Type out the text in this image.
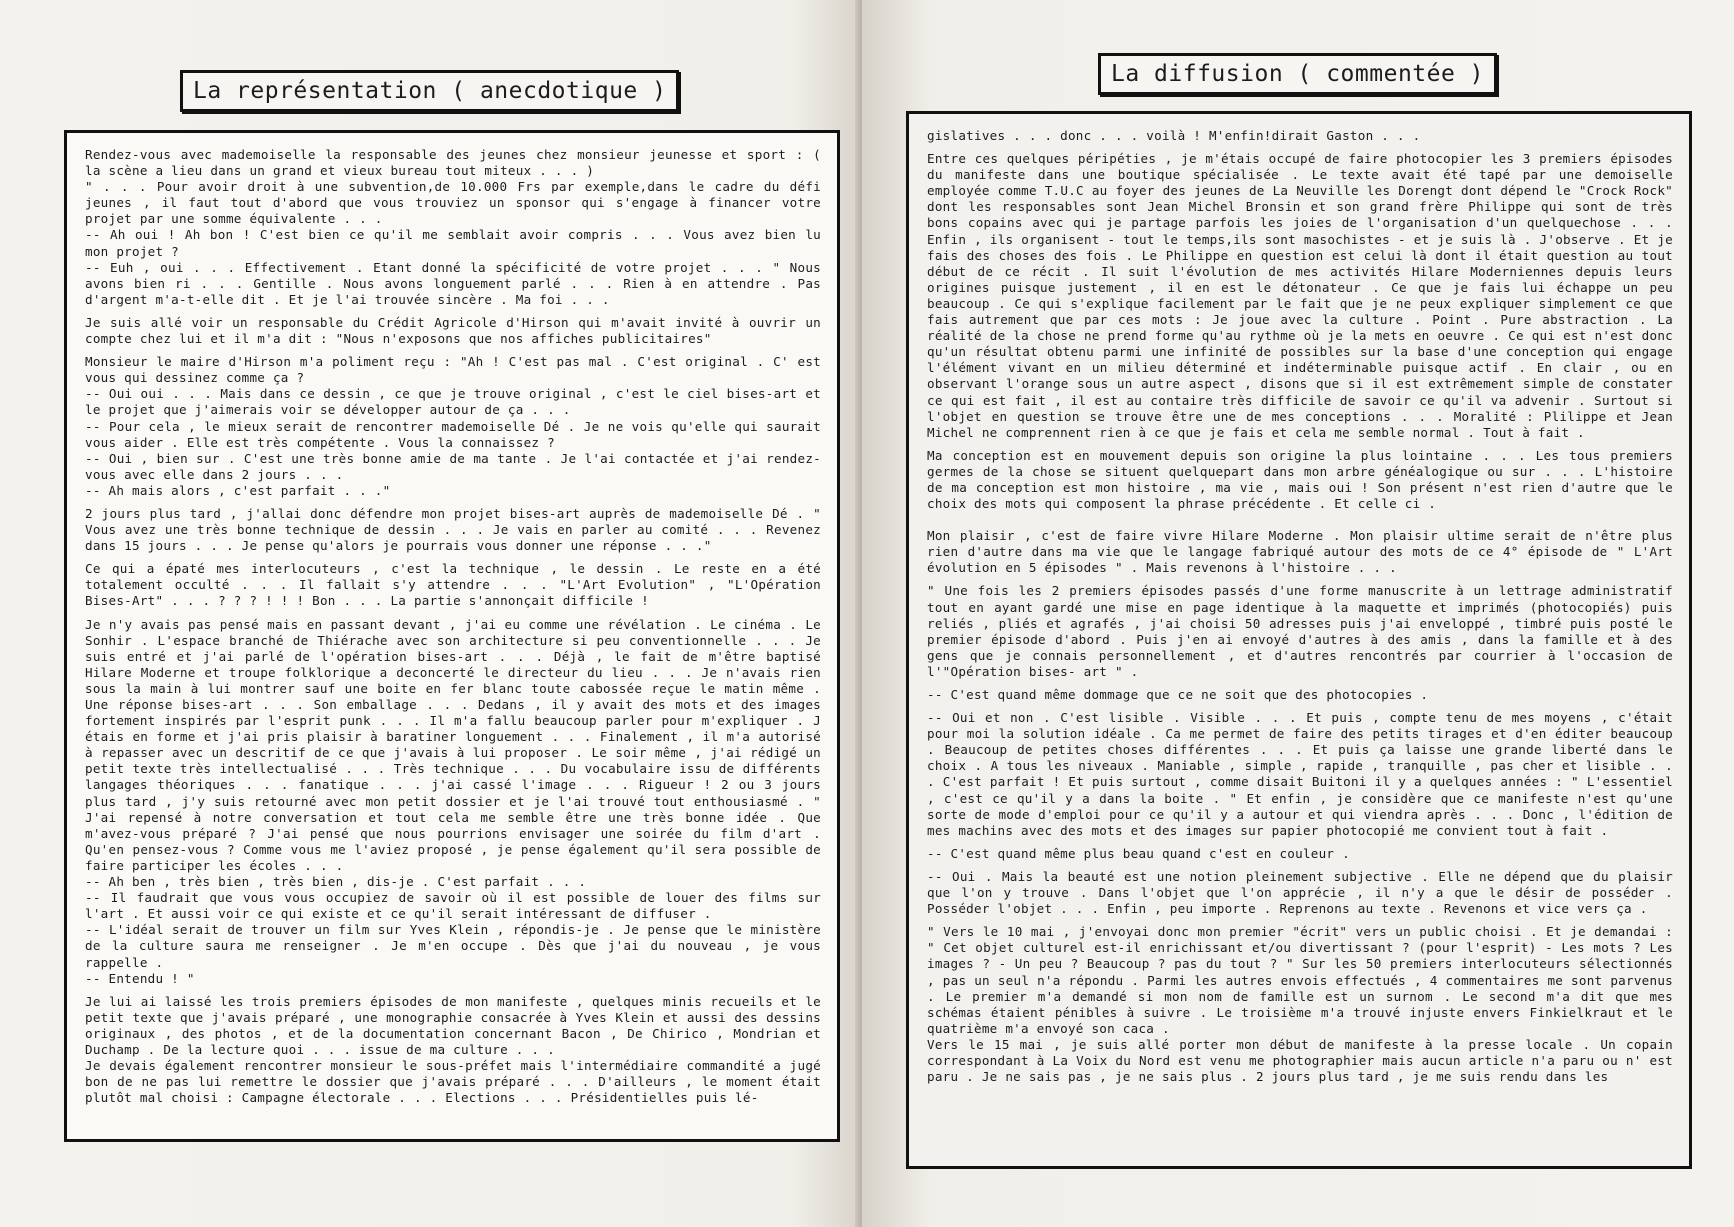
La représentation ( anecdotique )

Rendez-vous avec mademoiselle la responsable des jeunes chez monsieur jeunesse et sport : ( la scène a lieu dans un grand et vieux bureau tout miteux . . . )

" . . . Pour avoir droit à une subvention,de 10.000 Frs par exemple,dans le cadre du défi jeunes , il faut tout d'abord que vous trouviez un sponsor qui s'engage à financer votre projet par une somme équivalente . . .

-- Ah oui ! Ah bon ! C'est bien ce qu'il me semblait avoir compris . . . Vous avez bien lu mon projet ?

-- Euh , oui . . . Effectivement . Etant donné la spécificité de votre projet . . . " Nous avons bien ri . . . Gentille . Nous avons longuement parlé . . . Rien à en attendre . Pas d'argent m'a-t-elle dit . Et je l'ai trouvée sincère . Ma foi . . .

Je suis allé voir un responsable du Crédit Agricole d'Hirson qui m'avait invité à ouvrir un compte chez lui et il m'a dit : "Nous n'exposons que nos affiches publicitaires"

Monsieur le maire d'Hirson m'a poliment reçu : "Ah ! C'est pas mal . C'est original . C' est vous qui dessinez comme ça ?

-- Oui oui . . . Mais dans ce dessin , ce que je trouve original , c'est le ciel bises-art et le projet que j'aimerais voir se développer autour de ça . . .

-- Pour cela , le mieux serait de rencontrer mademoiselle Dé . Je ne vois qu'elle qui saurait vous aider . Elle est très compétente . Vous la connaissez ?

-- Oui , bien sur . C'est une très bonne amie de ma tante . Je l'ai contactée et j'ai rendez-vous avec elle dans 2 jours . . .

-- Ah mais alors , c'est parfait . . ."

2 jours plus tard , j'allai donc défendre mon projet bises-art auprès de mademoiselle Dé . " Vous avez une très bonne technique de dessin . . . Je vais en parler au comité . . . Revenez dans 15 jours . . . Je pense qu'alors je pourrais vous donner une réponse . . ."

Ce qui a épaté mes interlocuteurs , c'est la technique , le dessin . Le reste en a été totalement occulté . . . Il fallait s'y attendre . . . "L'Art Evolution" , "L'Opération Bises-Art" . . . ? ? ? ! ! ! Bon . . . La partie s'annonçait difficile !

Je n'y avais pas pensé mais en passant devant , j'ai eu comme une révélation . Le cinéma . Le Sonhir . L'espace branché de Thiérache avec son architecture si peu conventionnelle . . . Je suis entré et j'ai parlé de l'opération bises-art . . . Déjà , le fait de m'être baptisé Hilare Moderne et troupe folklorique a deconcerté le directeur du lieu . . . Je n'avais rien sous la main à lui montrer sauf une boite en fer blanc toute cabossée reçue le matin même . Une réponse bises-art . . . Son emballage . . . Dedans , il y avait des mots et des images fortement inspirés par l'esprit punk . . . Il m'a fallu beaucoup parler pour m'expliquer . J étais en forme et j'ai pris plaisir à baratiner longuement . . . Finalement , il m'a autorisé à repasser avec un descritif de ce que j'avais à lui proposer . Le soir même , j'ai rédigé un petit texte très intellectualisé . . . Très technique . . . Du vocabulaire issu de différents langages théoriques . . . fanatique . . . j'ai cassé l'image . . . Rigueur ! 2 ou 3 jours plus tard , j'y suis retourné avec mon petit dossier et je l'ai trouvé tout enthousiasmé . " J'ai repensé à notre conversation et tout cela me semble être une très bonne idée . Que m'avez-vous préparé ? J'ai pensé que nous pourrions envisager une soirée du film d'art . Qu'en pensez-vous ? Comme vous me l'aviez proposé , je pense également qu'il sera possible de faire participer les écoles . . .

-- Ah ben , très bien , très bien , dis-je . C'est parfait . . .

-- Il faudrait que vous vous occupiez de savoir où il est possible de louer des films sur l'art . Et aussi voir ce qui existe et ce qu'il serait intéressant de diffuser .

-- L'idéal serait de trouver un film sur Yves Klein , répondis-je . Je pense que le ministère de la culture saura me renseigner . Je m'en occupe . Dès que j'ai du nouveau , je vous rappelle .

-- Entendu ! "

Je lui ai laissé les trois premiers épisodes de mon manifeste , quelques minis recueils et le petit texte que j'avais préparé , une monographie consacrée à Yves Klein et aussi des dessins originaux , des photos , et de la documentation concernant Bacon , De Chirico , Mondrian et Duchamp . De la lecture quoi . . . issue de ma culture . . .

Je devais également rencontrer monsieur le sous-préfet mais l'intermédiaire commandité a jugé bon de ne pas lui remettre le dossier que j'avais préparé . . . D'ailleurs , le moment était plutôt mal choisi : Campagne électorale . . . Elections . . . Présidentielles puis lé-

La diffusion ( commentée )

gislatives . . . donc . . . voilà ! M'enfin!dirait Gaston . . .

Entre ces quelques péripéties , je m'étais occupé de faire photocopier les 3 premiers épisodes du manifeste dans une boutique spécialisée . Le texte avait été tapé par une demoiselle employée comme T.U.C au foyer des jeunes de La Neuville les Dorengt dont dépend le "Crock Rock" dont les responsables sont Jean Michel Bronsin et son grand frère Philippe qui sont de très bons copains avec qui je partage parfois les joies de l'organisation d'un quelquechose . . . Enfin , ils organisent - tout le temps,ils sont masochistes - et je suis là . J'observe . Et je fais des choses des fois . Le Philippe en question est celui là dont il était question au tout début de ce récit . Il suit l'évolution de mes activités Hilare Moderniennes depuis leurs origines puisque justement , il en est le détonateur . Ce que je fais lui échappe un peu beaucoup . Ce qui s'explique facilement par le fait que je ne peux expliquer simplement ce que fais autrement que par ces mots : Je joue avec la culture . Point . Pure abstraction . La réalité de la chose ne prend forme qu'au rythme où je la mets en oeuvre . Ce qui est n'est donc qu'un résultat obtenu parmi une infinité de possibles sur la base d'une conception qui engage l'élément vivant en un milieu déterminé et indéterminable puisque actif . En clair , ou en observant l'orange sous un autre aspect , disons que si il est extrêmement simple de constater ce qui est fait , il est au contaire très difficile de savoir ce qu'il va advenir . Surtout si l'objet en question se trouve être une de mes conceptions . . . Moralité : Plilippe et Jean Michel ne comprennent rien à ce que je fais et cela me semble normal . Tout à fait .

Ma conception est en mouvement depuis son origine la plus lointaine . . . Les tous premiers germes de la chose se situent quelquepart dans mon arbre généalogique ou sur . . . L'histoire de ma conception est mon histoire , ma vie , mais oui ! Son présent n'est rien d'autre que le choix des mots qui composent la phrase précédente . Et celle ci .

Mon plaisir , c'est de faire vivre Hilare Moderne . Mon plaisir ultime serait de n'être plus rien d'autre dans ma vie que le langage fabriqué autour des mots de ce 4° épisode de " L'Art évolution en 5 épisodes " . Mais revenons à l'histoire . . .

" Une fois les 2 premiers épisodes passés d'une forme manuscrite à un lettrage administratif tout en ayant gardé une mise en page identique à la maquette et imprimés (photocopiés) puis reliés , pliés et agrafés , j'ai choisi 50 adresses puis j'ai enveloppé , timbré puis posté le premier épisode d'abord . Puis j'en ai envoyé d'autres à des amis , dans la famille et à des gens que je connais personnellement , et d'autres rencontrés par courrier à l'occasion de l'"Opération bises- art " .

-- C'est quand même dommage que ce ne soit que des photocopies .

-- Oui et non . C'est lisible . Visible . . . Et puis , compte tenu de mes moyens , c'était pour moi la solution idéale . Ca me permet de faire des petits tirages et d'en éditer beaucoup . Beaucoup de petites choses différentes . . . Et puis ça laisse une grande liberté dans le choix . A tous les niveaux . Maniable , simple , rapide , tranquille , pas cher et lisible . . . C'est parfait ! Et puis surtout , comme disait Buitoni il y a quelques années : " L'essentiel , c'est ce qu'il y a dans la boite . " Et enfin , je considère que ce manifeste n'est qu'une sorte de mode d'emploi pour ce qu'il y a autour et qui viendra après . . . Donc , l'édition de mes machins avec des mots et des images sur papier photocopié me convient tout à fait .

-- C'est quand même plus beau quand c'est en couleur .

-- Oui . Mais la beauté est une notion pleinement subjective . Elle ne dépend que du plaisir que l'on y trouve . Dans l'objet que l'on apprécie , il n'y a que le désir de posséder . Posséder l'objet . . . Enfin , peu importe . Reprenons au texte . Revenons et vice vers ça .

" Vers le 10 mai , j'envoyai donc mon premier "écrit" vers un public choisi . Et je demandai : " Cet objet culturel est-il enrichissant et/ou divertissant ? (pour l'esprit) - Les mots ? Les images ? - Un peu ? Beaucoup ? pas du tout ? " Sur les 50 premiers interlocuteurs sélectionnés , pas un seul n'a répondu . Parmi les autres envois effectués , 4 commentaires me sont parvenus . Le premier m'a demandé si mon nom de famille est un surnom . Le second m'a dit que mes schémas étaient pénibles à suivre . Le troisième m'a trouvé injuste envers Finkielkraut et le quatrième m'a envoyé son caca .

Vers le 15 mai , je suis allé porter mon début de manifeste à la presse locale . Un copain correspondant à La Voix du Nord est venu me photographier mais aucun article n'a paru ou n' est paru . Je ne sais pas , je ne sais plus . 2 jours plus tard , je me suis rendu dans les
